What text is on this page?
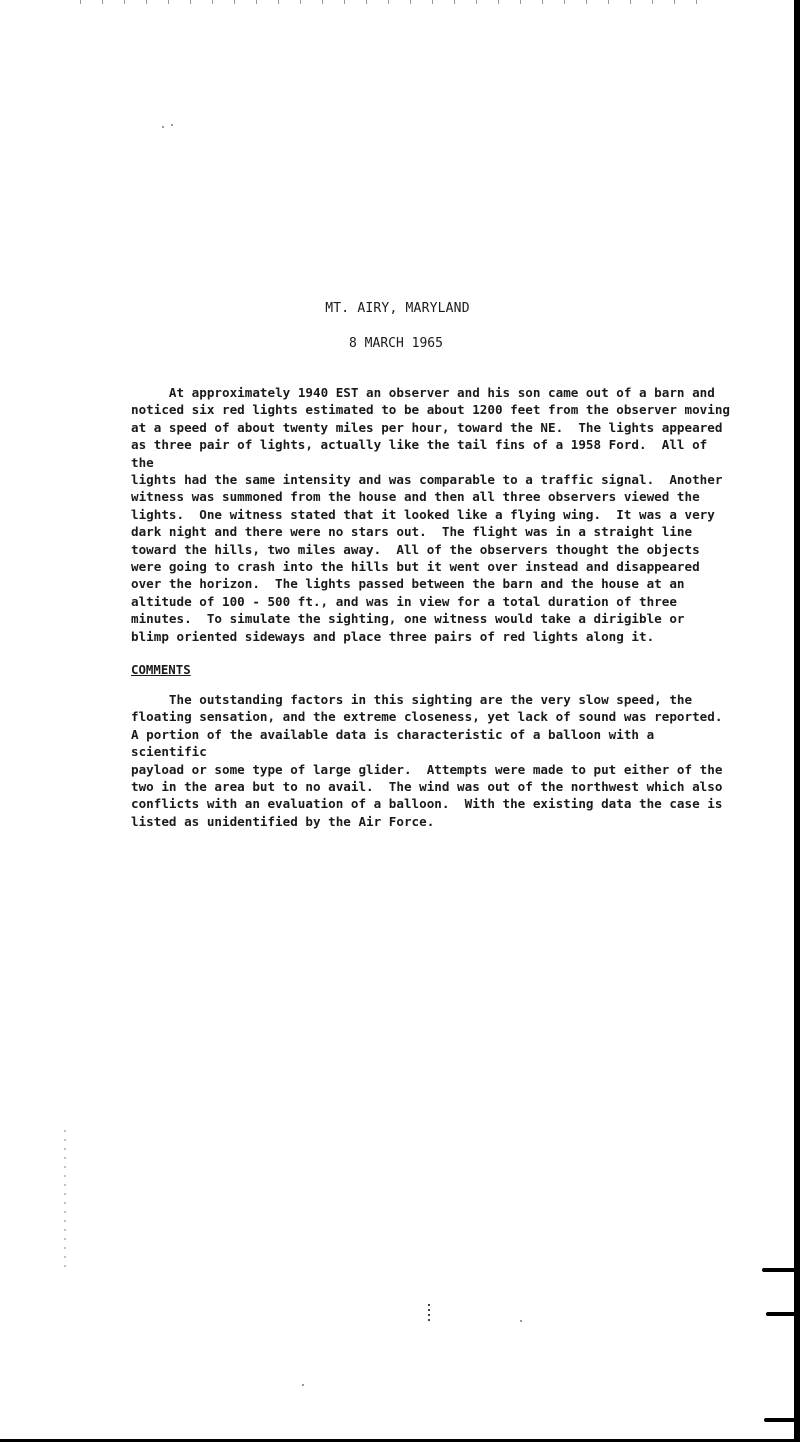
MT. AIRY, MARYLAND
8 MARCH 1965
At approximately 1940 EST an observer and his son came out of a barn and
noticed six red lights estimated to be about 1200 feet from the observer moving
at a speed of about twenty miles per hour, toward the NE.  The lights appeared
as three pair of lights, actually like the tail fins of a 1958 Ford.  All of the
lights had the same intensity and was comparable to a traffic signal.  Another
witness was summoned from the house and then all three observers viewed the
lights.  One witness stated that it looked like a flying wing.  It was a very
dark night and there were no stars out.  The flight was in a straight line
toward the hills, two miles away.  All of the observers thought the objects
were going to crash into the hills but it went over instead and disappeared
over the horizon.  The lights passed between the barn and the house at an
altitude of 100 - 500 ft., and was in view for a total duration of three
minutes.  To simulate the sighting, one witness would take a dirigible or
blimp oriented sideways and place three pairs of red lights along it.
COMMENTS
The outstanding factors in this sighting are the very slow speed, the
floating sensation, and the extreme closeness, yet lack of sound was reported.
A portion of the available data is characteristic of a balloon with a scientific
payload or some type of large glider.  Attempts were made to put either of the
two in the area but to no avail.  The wind was out of the northwest which also
conflicts with an evaluation of a balloon.  With the existing data the case is
listed as unidentified by the Air Force.
